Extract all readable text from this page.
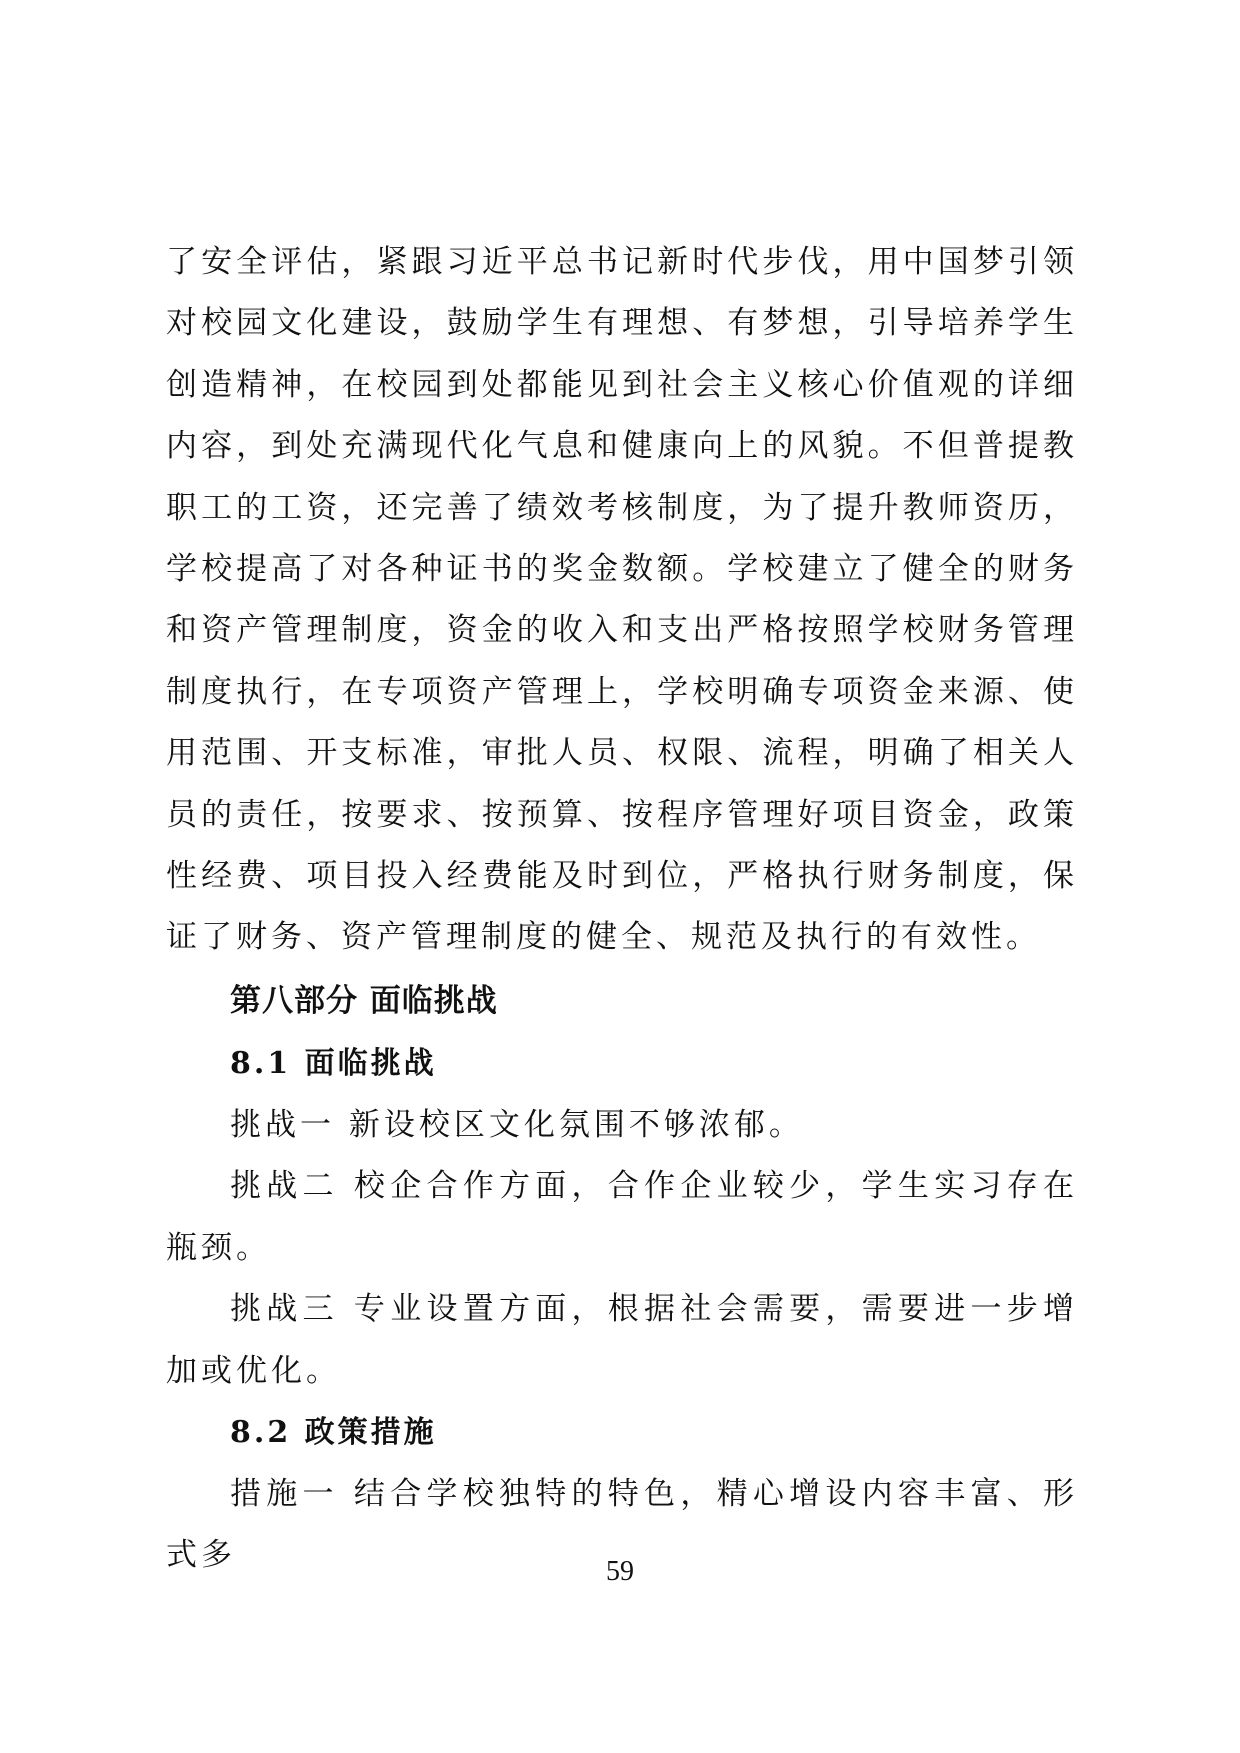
了安全评估，紧跟习近平总书记新时代步伐，用中国梦引领对校园文化建设，鼓励学生有理想、有梦想，引导培养学生创造精神，在校园到处都能见到社会主义核心价值观的详细内容，到处充满现代化气息和健康向上的风貌。不但普提教职工的工资，还完善了绩效考核制度，为了提升教师资历，学校提高了对各种证书的奖金数额。学校建立了健全的财务和资产管理制度，资金的收入和支出严格按照学校财务管理制度执行，在专项资产管理上，学校明确专项资金来源、使用范围、开支标准，审批人员、权限、流程，明确了相关人员的责任，按要求、按预算、按程序管理好项目资金，政策性经费、项目投入经费能及时到位，严格执行财务制度，保证了财务、资产管理制度的健全、规范及执行的有效性。

第八部分 面临挑战
8.1 面临挑战

挑战一 新设校区文化氛围不够浓郁。

挑战二 校企合作方面，合作企业较少，学生实习存在瓶颈。

挑战三 专业设置方面，根据社会需要，需要进一步增加或优化。

8.2 政策措施

措施一 结合学校独特的特色，精心增设内容丰富、形式多	59
